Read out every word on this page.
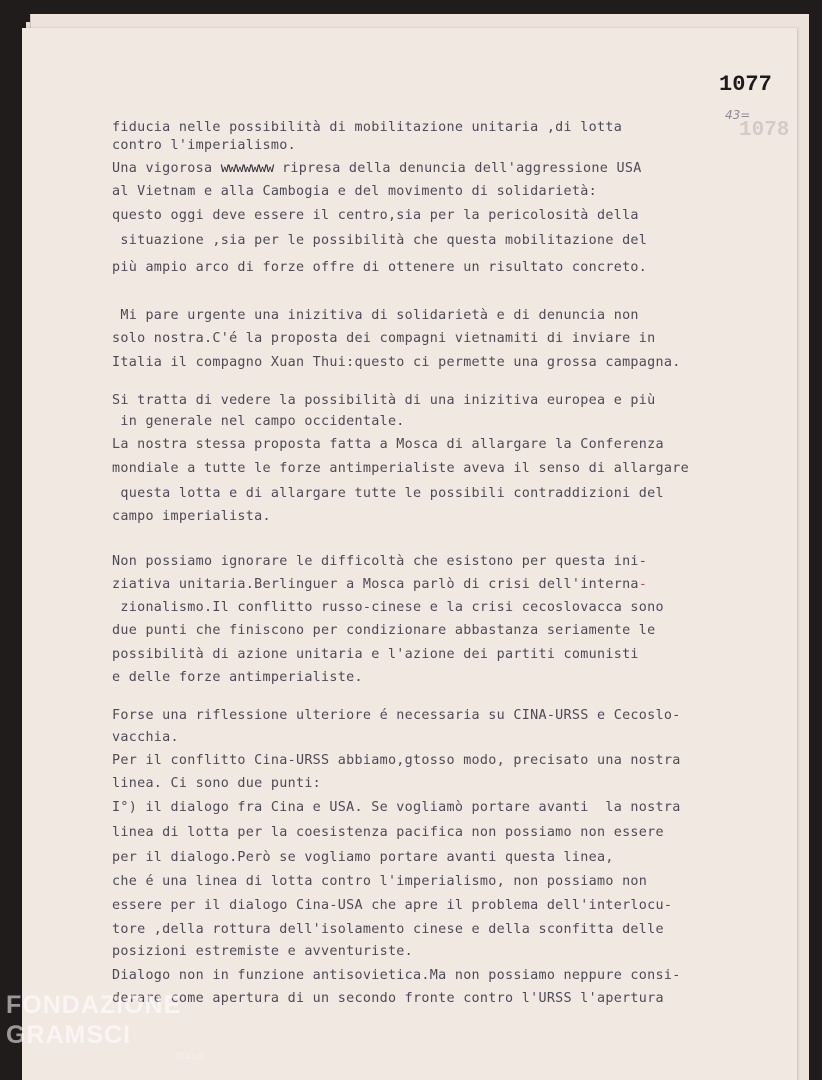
1077
43=
1078
fiducia nelle possibilità di mobilitazione unitaria ,di lotta
contro l'imperialismo.
Una vigorosa wwwwwww ripresa della denuncia dell'aggressione USA
al Vietnam e alla Cambogia e del movimento di solidarietà:
questo oggi deve essere il centro,sia per la pericolosità della
situazione ,sia per le possibilità che questa mobilitazione del
più ampio arco di forze offre di ottenere un risultato concreto.
Mi pare urgente una inizitiva di solidarietà e di denuncia non
solo nostra.C'é la proposta dei compagni vietnamiti di inviare in
Italia il compagno Xuan Thui:questo ci permette una grossa campagna.
Si tratta di vedere la possibilità di una inizitiva europea e più
in generale nel campo occidentale.
La nostra stessa proposta fatta a Mosca di allargare la Conferenza
mondiale a tutte le forze antimperialiste aveva il senso di allargare
questa lotta e di allargare tutte le possibili contraddizioni del
campo imperialista.
Non possiamo ignorare le difficoltà che esistono per questa ini-
ziativa unitaria.Berlinguer a Mosca parlò di crisi dell'interna-
zionalismo.Il conflitto russo-cinese e la crisi cecoslovacca sono
due punti che finiscono per condizionare abbastanza seriamente le
possibilità di azione unitaria e l'azione dei partiti comunisti
e delle forze antimperialiste.
Forse una riflessione ulteriore é necessaria su CINA-URSS e Cecoslo-
vacchia.
Per il conflitto Cina-URSS abbiamo,gtosso modo, precisato una nostra
linea. Ci sono due punti:
I°) il dialogo fra Cina e USA. Se vogliamò portare avanti  la nostra
linea di lotta per la coesistenza pacifica non possiamo non essere
per il dialogo.Però se vogliamo portare avanti questa linea,
che é una linea di lotta contro l'imperialismo, non possiamo non
essere per il dialogo Cina-USA che apre il problema dell'interlocu-
tore ,della rottura dell'isolamento cinese e della sconfitta delle
posizioni estremiste e avventuriste.
Dialogo non in funzione antisovietica.Ma non possiamo neppure consi-
derare come apertura di un secondo fronte contro l'URSS l'apertura
FONDAZIONE
GRAMSCI
ONLUS
